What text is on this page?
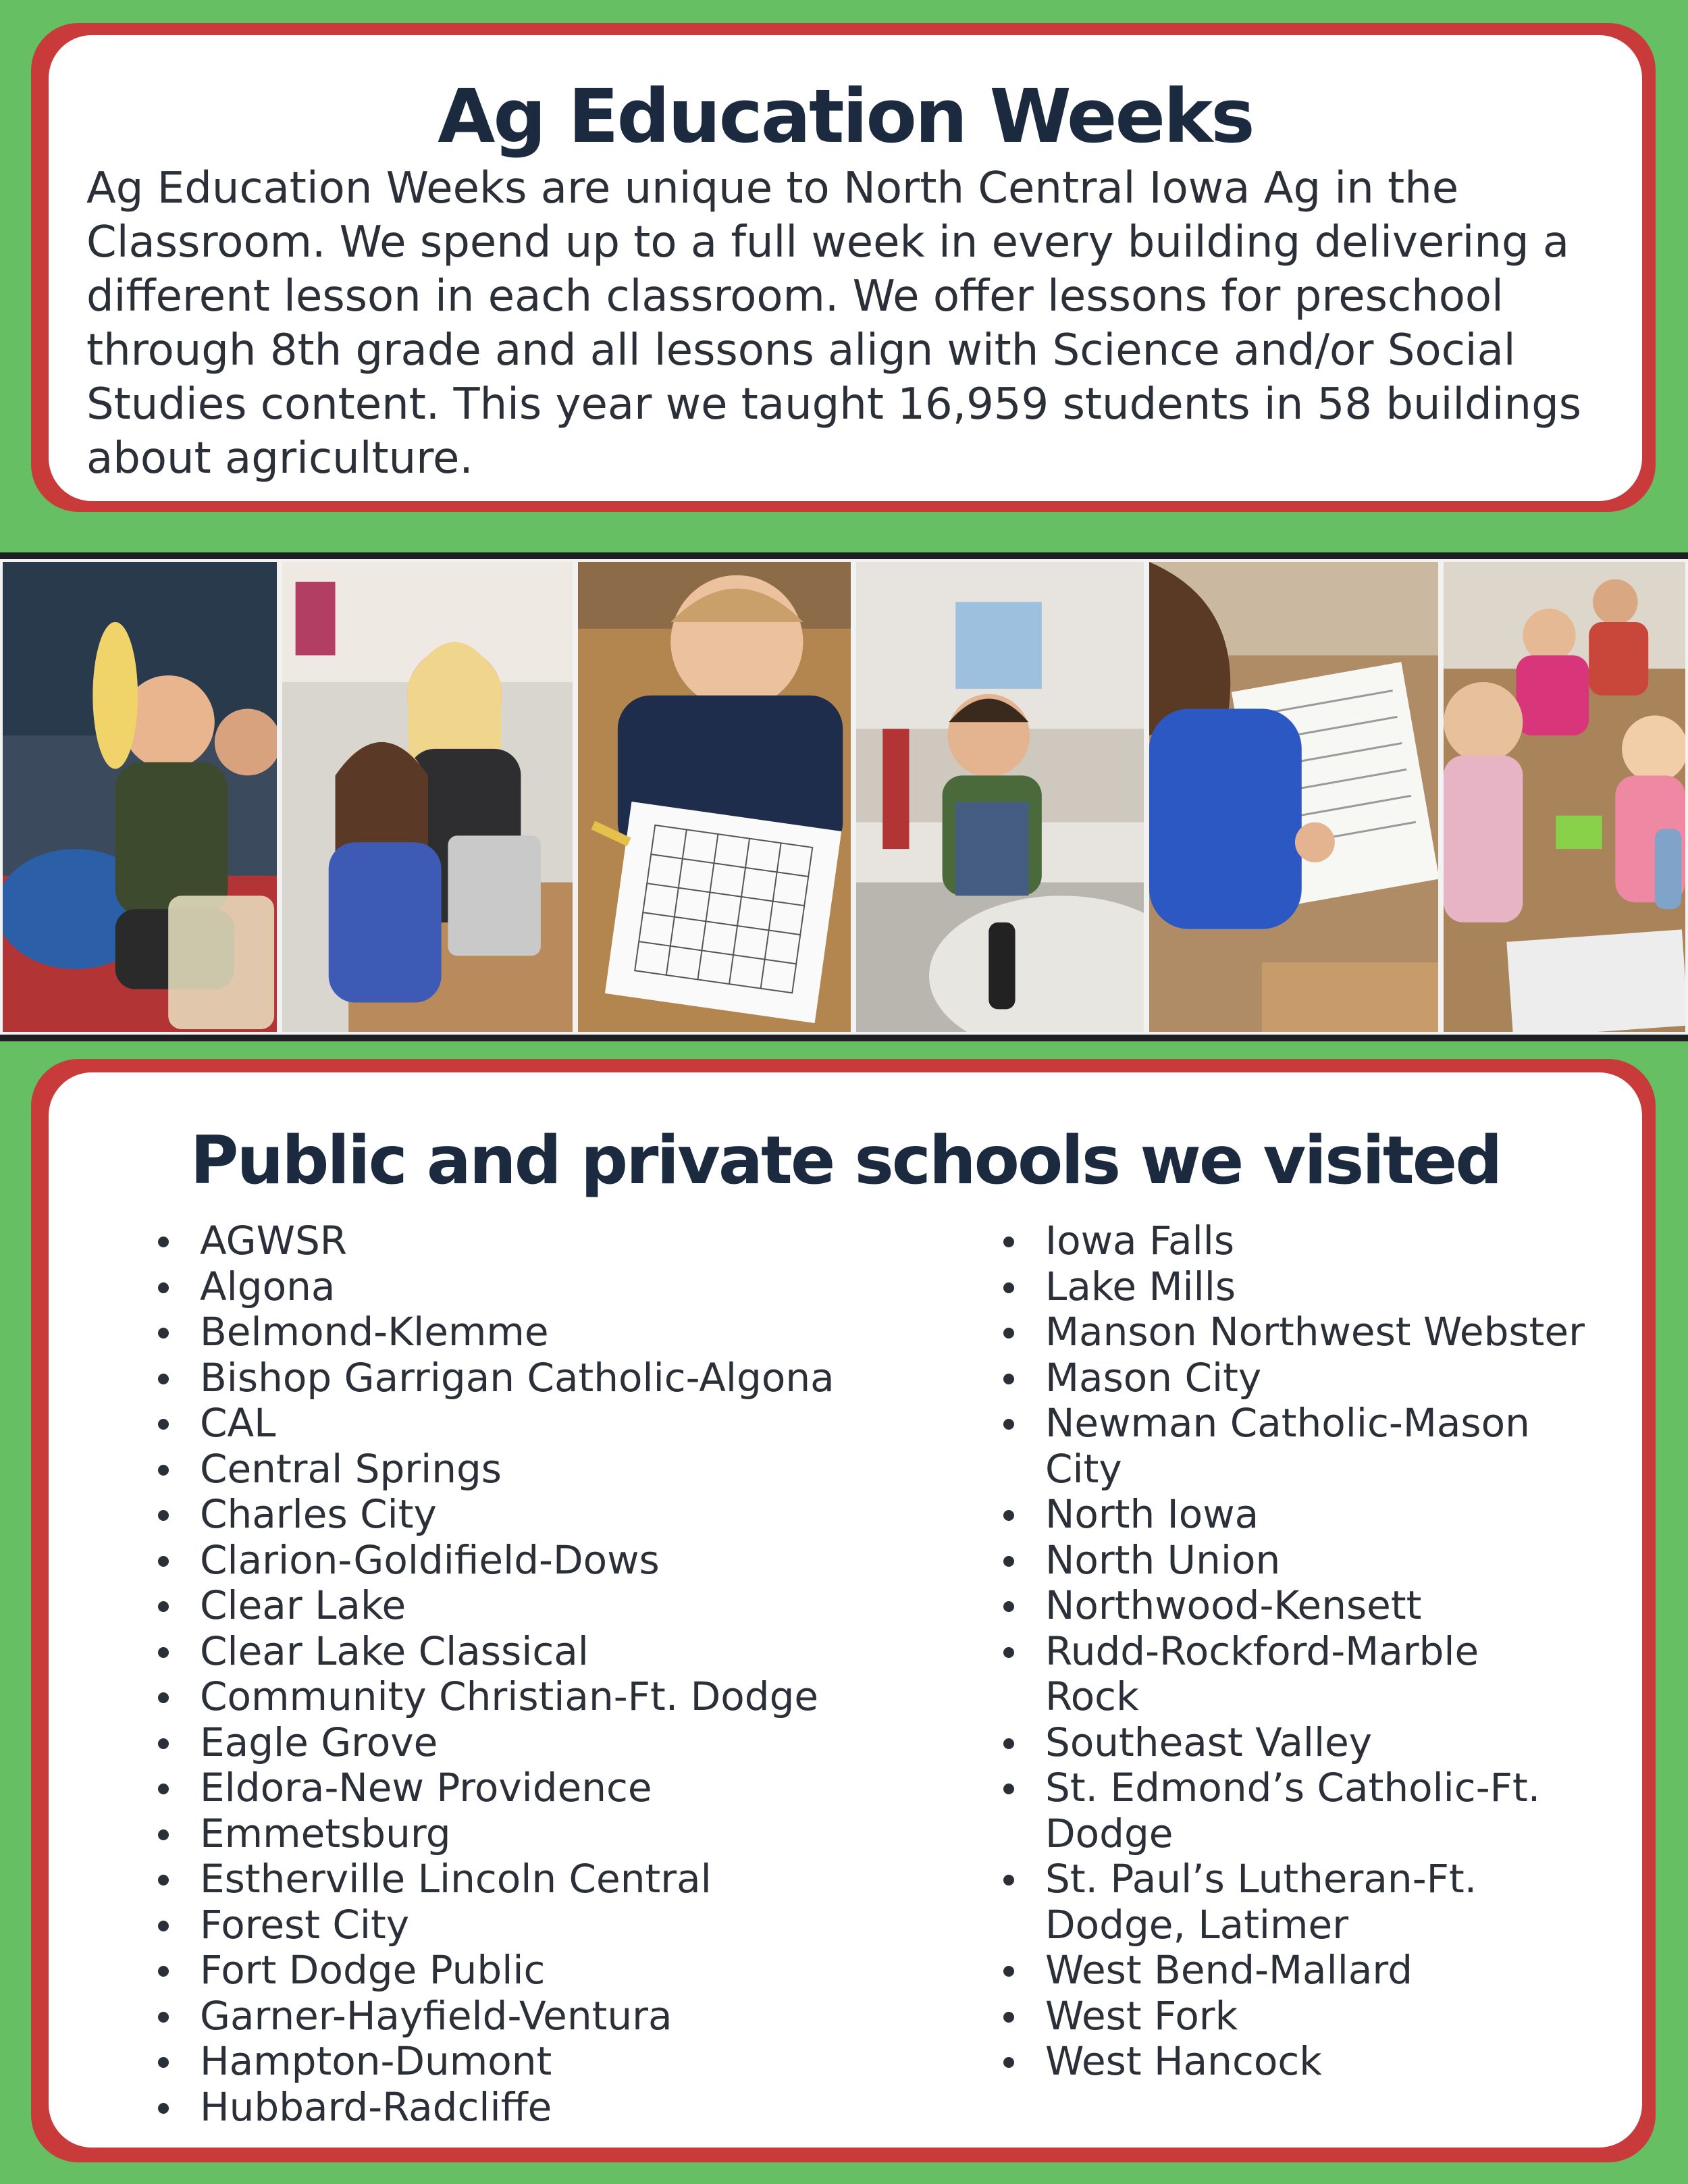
Ag Education Weeks

Ag Education Weeks are unique to North Central Iowa Ag in the Classroom. We spend up to a full week in every building delivering a different lesson in each classroom. We offer lessons for preschool through 8th grade and all lessons align with Science and/or Social Studies content. This year we taught 16,959 students in 58 buildings about agriculture.

Public and private schools we visited
AGWSR
Algona
Belmond-Klemme
Bishop Garrigan Catholic-Algona
CAL
Central Springs
Charles City
Clarion-Goldifield-Dows
Clear Lake
Clear Lake Classical
Community Christian-Ft. Dodge
Eagle Grove
Eldora-New Providence
Emmetsburg
Estherville Lincoln Central
Forest City
Fort Dodge Public
Garner-Hayfield-Ventura
Hampton-Dumont
Hubbard-Radcliffe
Iowa Falls
Lake Mills
Manson Northwest Webster
Mason City
Newman Catholic-Mason
City
North Iowa
North Union
Northwood-Kensett
Rudd-Rockford-Marble
Rock
Southeast Valley
St. Edmond’s Catholic-Ft.
Dodge
St. Paul’s Lutheran-Ft.
Dodge, Latimer
West Bend-Mallard
West Fork
West Hancock
